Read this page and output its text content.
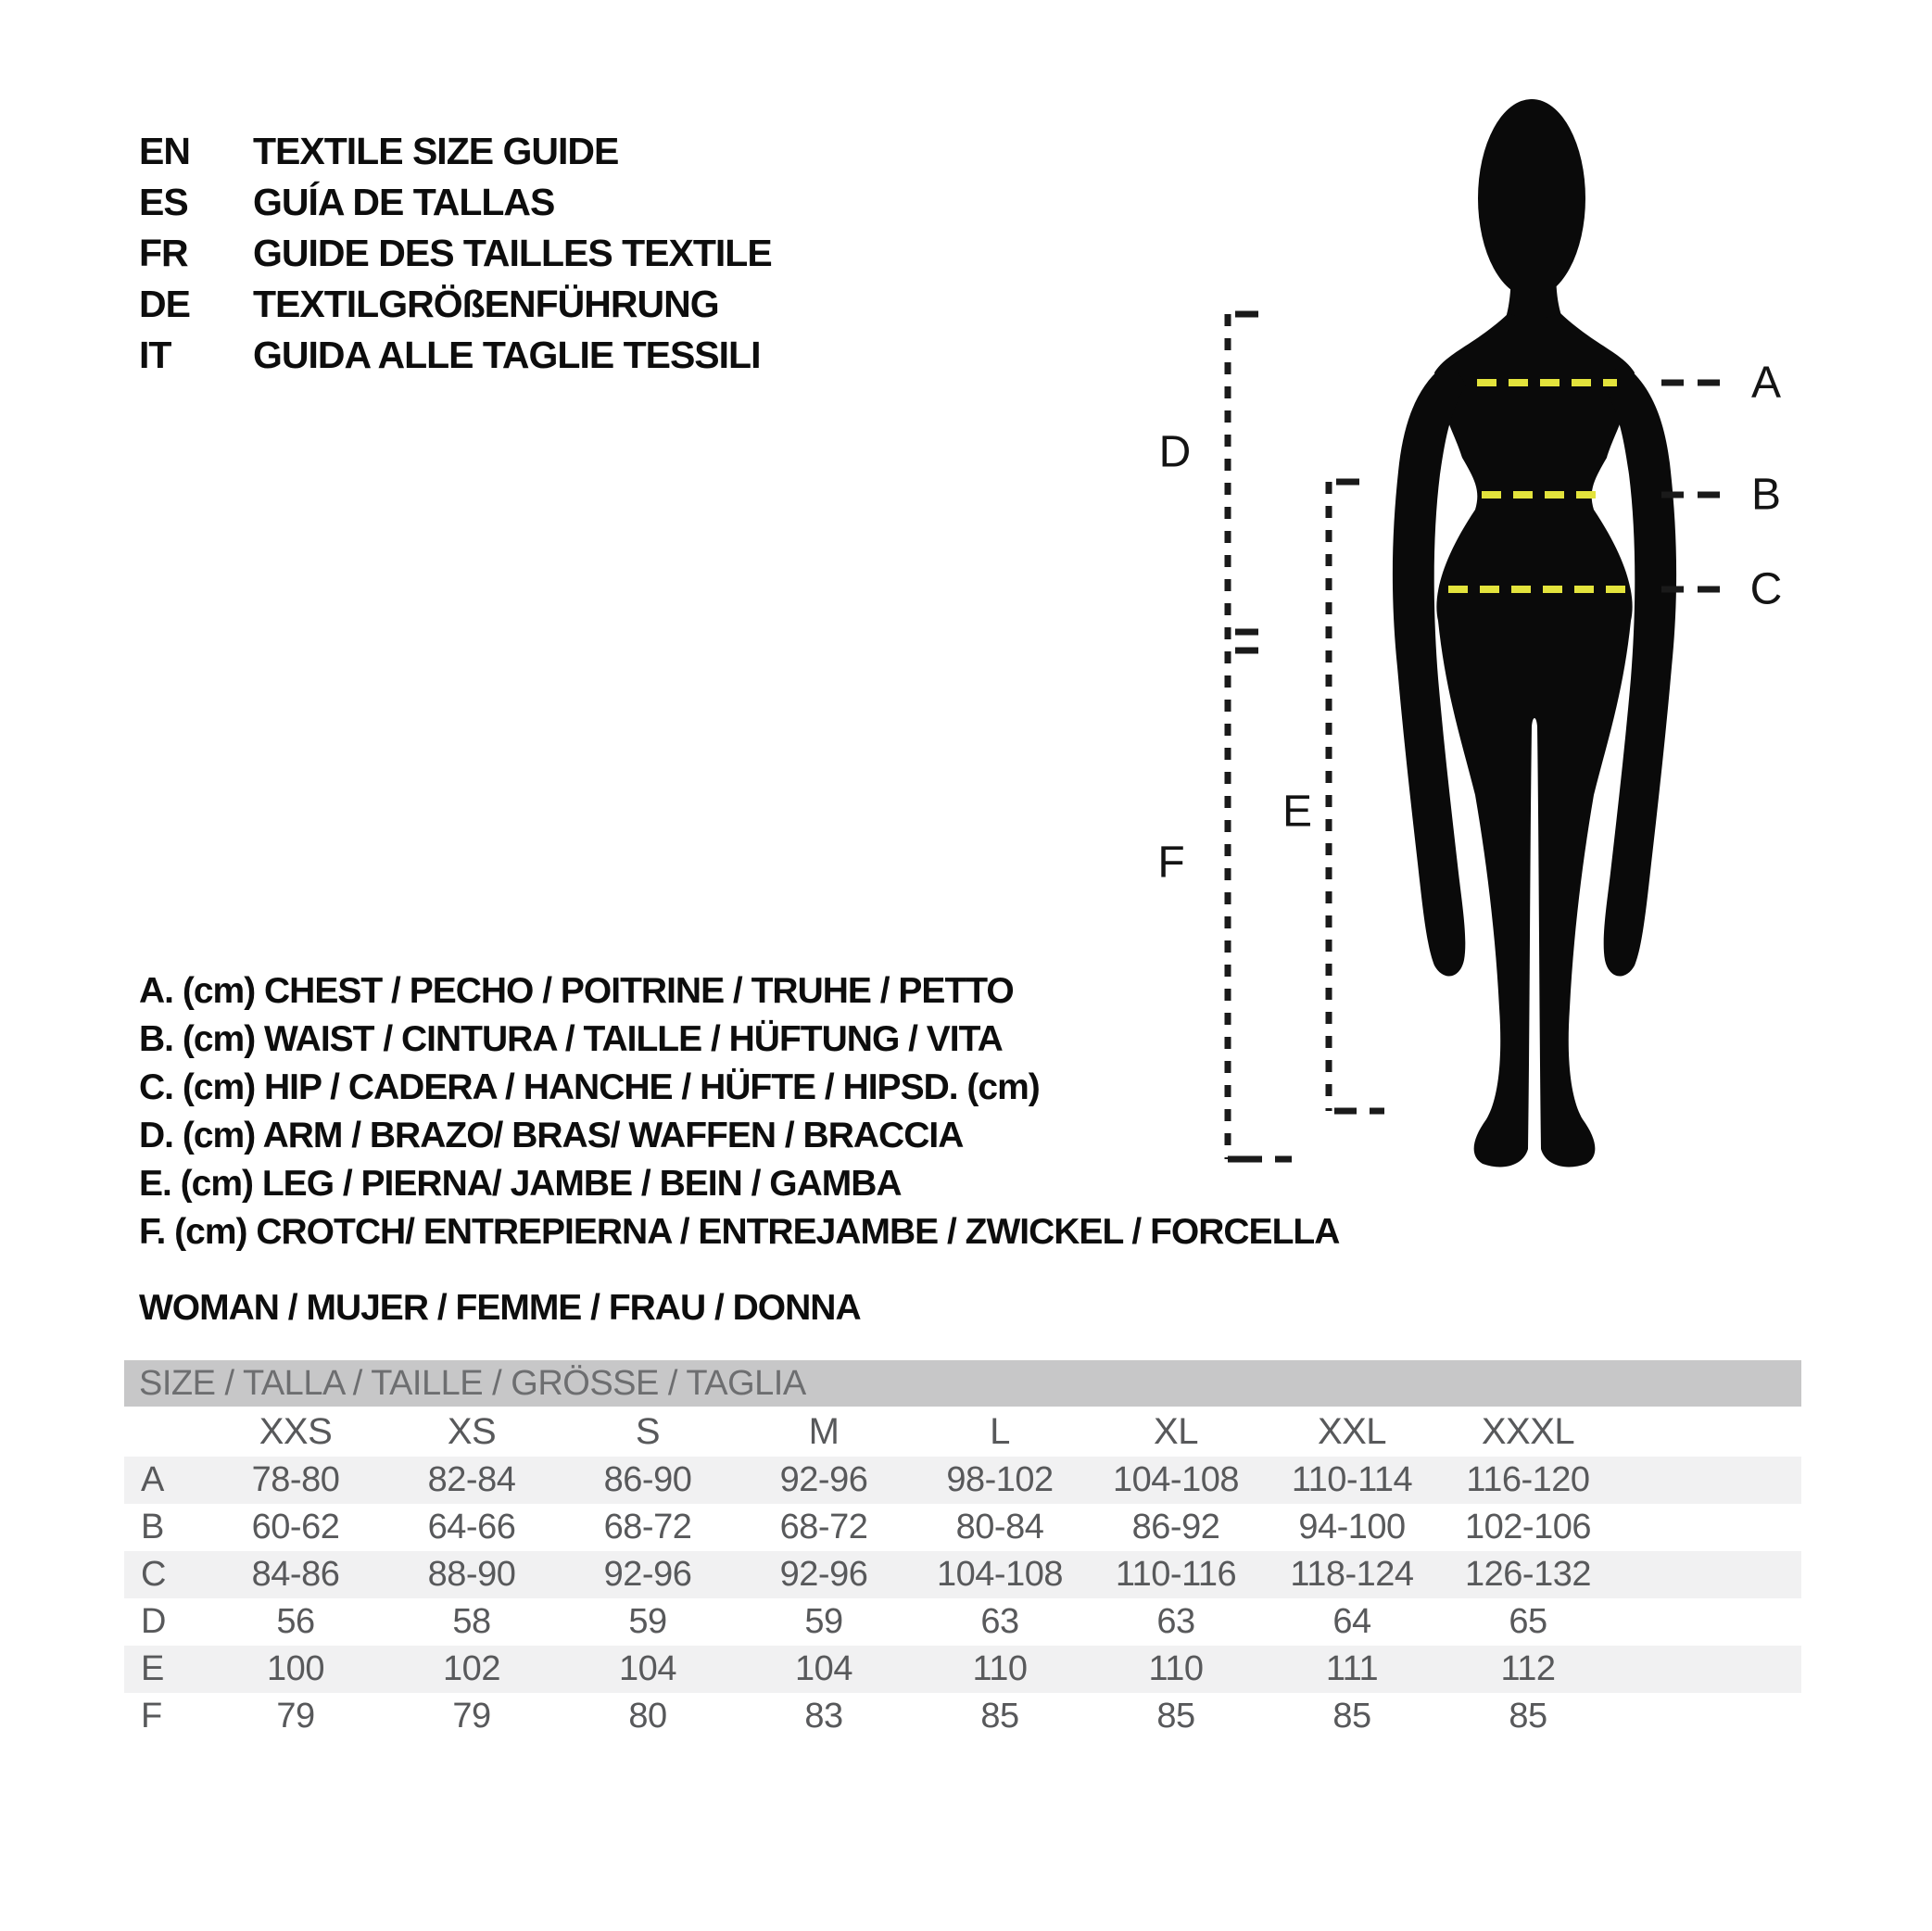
EN	TEXTILE SIZE GUIDE
ES	GUÍA DE TALLAS
FR	GUIDE DES TAILLES TEXTILE
DE	TEXTILGRÖßENFÜHRUNG
IT	GUIDA ALLE TAGLIE TESSILI
A
B
C
D
E
F
A. (cm) CHEST / PECHO / POITRINE / TRUHE / PETTO
B. (cm) WAIST / CINTURA / TAILLE / HÜFTUNG / VITA
C. (cm) HIP / CADERA / HANCHE / HÜFTE / HIPSD. (cm)
D. (cm) ARM / BRAZO/ BRAS/ WAFFEN / BRACCIA
E. (cm) LEG / PIERNA/ JAMBE / BEIN / GAMBA
F. (cm) CROTCH/ ENTREPIERNA / ENTREJAMBE / ZWICKEL / FORCELLA
WOMAN / MUJER / FEMME / FRAU / DONNA
SIZE / TALLA / TAILLE / GRÖSSE / TAGLIA
XXS	XS	S	M	L	XL	XXL	XXXL
A	78-80	82-84	86-90	92-96	98-102	104-108	110-114	116-120
B	60-62	64-66	68-72	68-72	80-84	86-92	94-100	102-106
C	84-86	88-90	92-96	92-96	104-108	110-116	118-124	126-132
D	56	58	59	59	63	63	64	65
E	100	102	104	104	110	110	111	112
F	79	79	80	83	85	85	85	85
